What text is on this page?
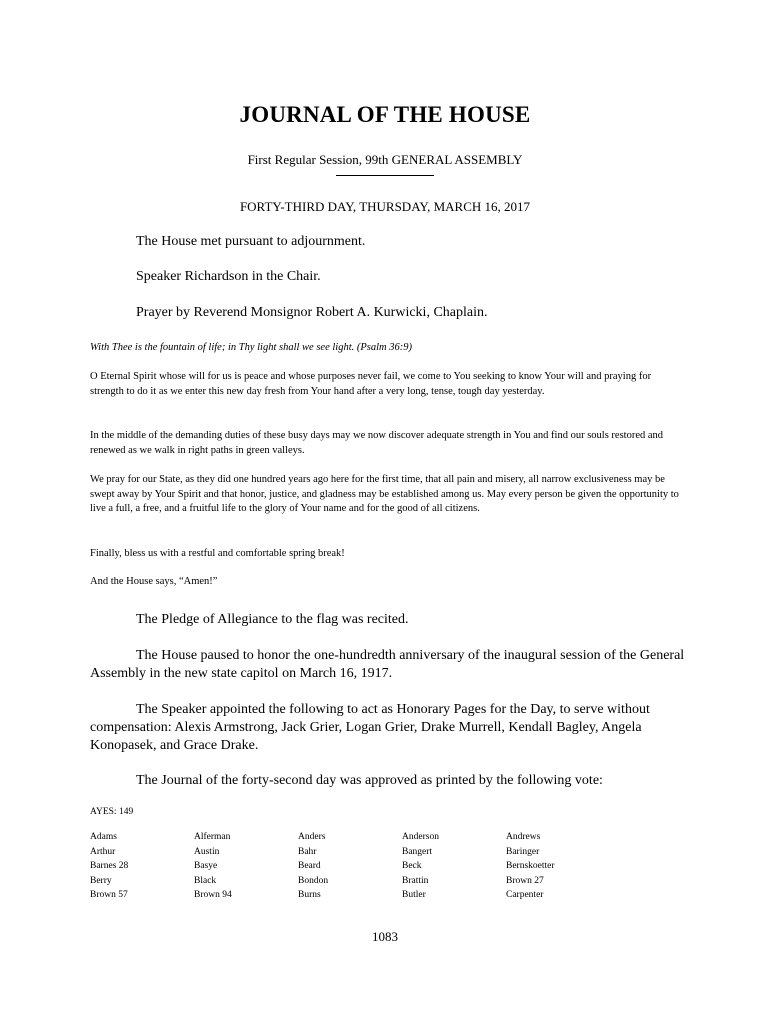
JOURNAL OF THE HOUSE
First Regular Session, 99th GENERAL ASSEMBLY
FORTY-THIRD DAY, THURSDAY, MARCH 16, 2017
The House met pursuant to adjournment.
Speaker Richardson in the Chair.
Prayer by Reverend Monsignor Robert A. Kurwicki, Chaplain.
With Thee is the fountain of life; in Thy light shall we see light. (Psalm 36:9)
O Eternal Spirit whose will for us is peace and whose purposes never fail, we come to You seeking to know Your will and praying for strength to do it as we enter this new day fresh from Your hand after a very long, tense, tough day yesterday.
In the middle of the demanding duties of these busy days may we now discover adequate strength in You and find our souls restored and renewed as we walk in right paths in green valleys.
We pray for our State, as they did one hundred years ago here for the first time, that all pain and misery, all narrow exclusiveness may be swept away by Your Spirit and that honor, justice, and gladness may be established among us. May every person be given the opportunity to live a full, a free, and a fruitful life to the glory of Your name and for the good of all citizens.
Finally, bless us with a restful and comfortable spring break!
And the House says, “Amen!”
The Pledge of Allegiance to the flag was recited.
The House paused to honor the one-hundredth anniversary of the inaugural session of the General Assembly in the new state capitol on March 16, 1917.
The Speaker appointed the following to act as Honorary Pages for the Day, to serve without compensation: Alexis Armstrong, Jack Grier, Logan Grier, Drake Murrell, Kendall Bagley, Angela Konopasek, and Grace Drake.
The Journal of the forty-second day was approved as printed by the following vote:
AYES: 149
Adams	Alferman	Anders	Anderson	Andrews
Arthur	Austin	Bahr	Bangert	Baringer
Barnes 28	Basye	Beard	Beck	Bernskoetter
Berry	Black	Bondon	Brattin	Brown 27
Brown 57	Brown 94	Burns	Butler	Carpenter
1083
